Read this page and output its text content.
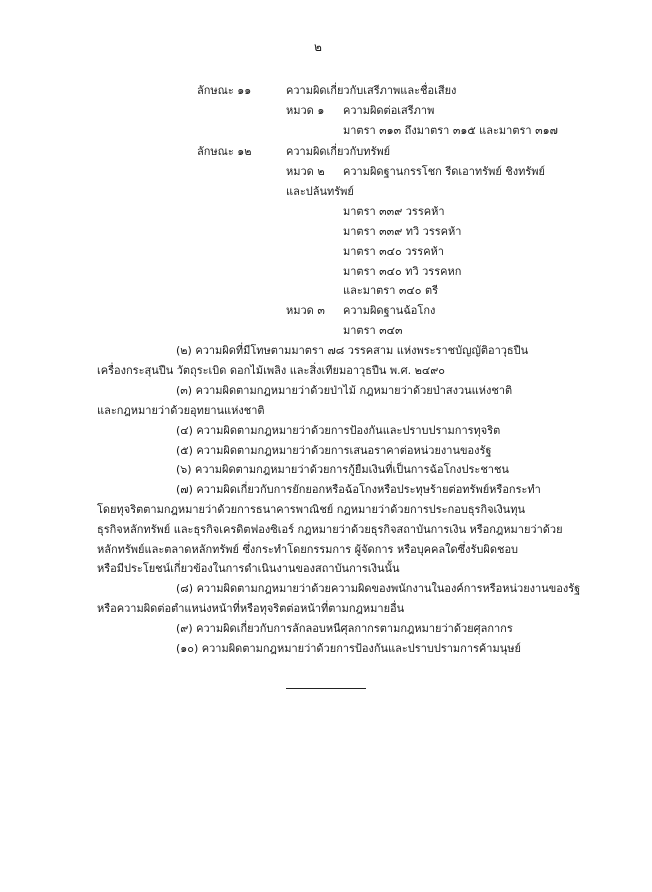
๒
ลักษณะ ๑๑	ความผิดเกี่ยวกับเสรีภาพและชื่อเสียง
หมวด ๑ ความผิดต่อเสรีภาพ
มาตรา ๓๑๓ ถึงมาตรา ๓๑๕ และมาตรา ๓๑๗
ลักษณะ ๑๒	ความผิดเกี่ยวกับทรัพย์
หมวด ๒ ความผิดฐานกรรโชก รีดเอาทรัพย์ ชิงทรัพย์
และปล้นทรัพย์
มาตรา ๓๓๙ วรรคห้า
มาตรา ๓๓๙ ทวิ วรรคห้า
มาตรา ๓๔๐ วรรคห้า
มาตรา ๓๔๐ ทวิ วรรคหก
และมาตรา ๓๔๐ ตรี
หมวด ๓ ความผิดฐานฉ้อโกง
มาตรา ๓๔๓
(๒) ความผิดที่มีโทษตามมาตรา ๗๘ วรรคสาม แห่งพระราชบัญญัติอาวุธปืน
เครื่องกระสุนปืน วัตถุระเบิด ดอกไม้เพลิง และสิ่งเทียมอาวุธปืน พ.ศ. ๒๔๙๐
(๓) ความผิดตามกฎหมายว่าด้วยป่าไม้ กฎหมายว่าด้วยป่าสงวนแห่งชาติ
และกฎหมายว่าด้วยอุทยานแห่งชาติ
(๔) ความผิดตามกฎหมายว่าด้วยการป้องกันและปราบปรามการทุจริต
(๕) ความผิดตามกฎหมายว่าด้วยการเสนอราคาต่อหน่วยงานของรัฐ
(๖) ความผิดตามกฎหมายว่าด้วยการกู้ยืมเงินที่เป็นการฉ้อโกงประชาชน
(๗) ความผิดเกี่ยวกับการยักยอกหรือฉ้อโกงหรือประทุษร้ายต่อทรัพย์หรือกระทำ
โดยทุจริตตามกฎหมายว่าด้วยการธนาคารพาณิชย์ กฎหมายว่าด้วยการประกอบธุรกิจเงินทุน
ธุรกิจหลักทรัพย์ และธุรกิจเครดิตฟองซิเอร์ กฎหมายว่าด้วยธุรกิจสถาบันการเงิน หรือกฎหมายว่าด้วย
หลักทรัพย์และตลาดหลักทรัพย์ ซึ่งกระทำโดยกรรมการ ผู้จัดการ หรือบุคคลใดซึ่งรับผิดชอบ
หรือมีประโยชน์เกี่ยวข้องในการดำเนินงานของสถาบันการเงินนั้น
(๘) ความผิดตามกฎหมายว่าด้วยความผิดของพนักงานในองค์การหรือหน่วยงานของรัฐ
หรือความผิดต่อตำแหน่งหน้าที่หรือทุจริตต่อหน้าที่ตามกฎหมายอื่น
(๙) ความผิดเกี่ยวกับการลักลอบหนีศุลกากรตามกฎหมายว่าด้วยศุลกากร
(๑๐) ความผิดตามกฎหมายว่าด้วยการป้องกันและปราบปรามการค้ามนุษย์
